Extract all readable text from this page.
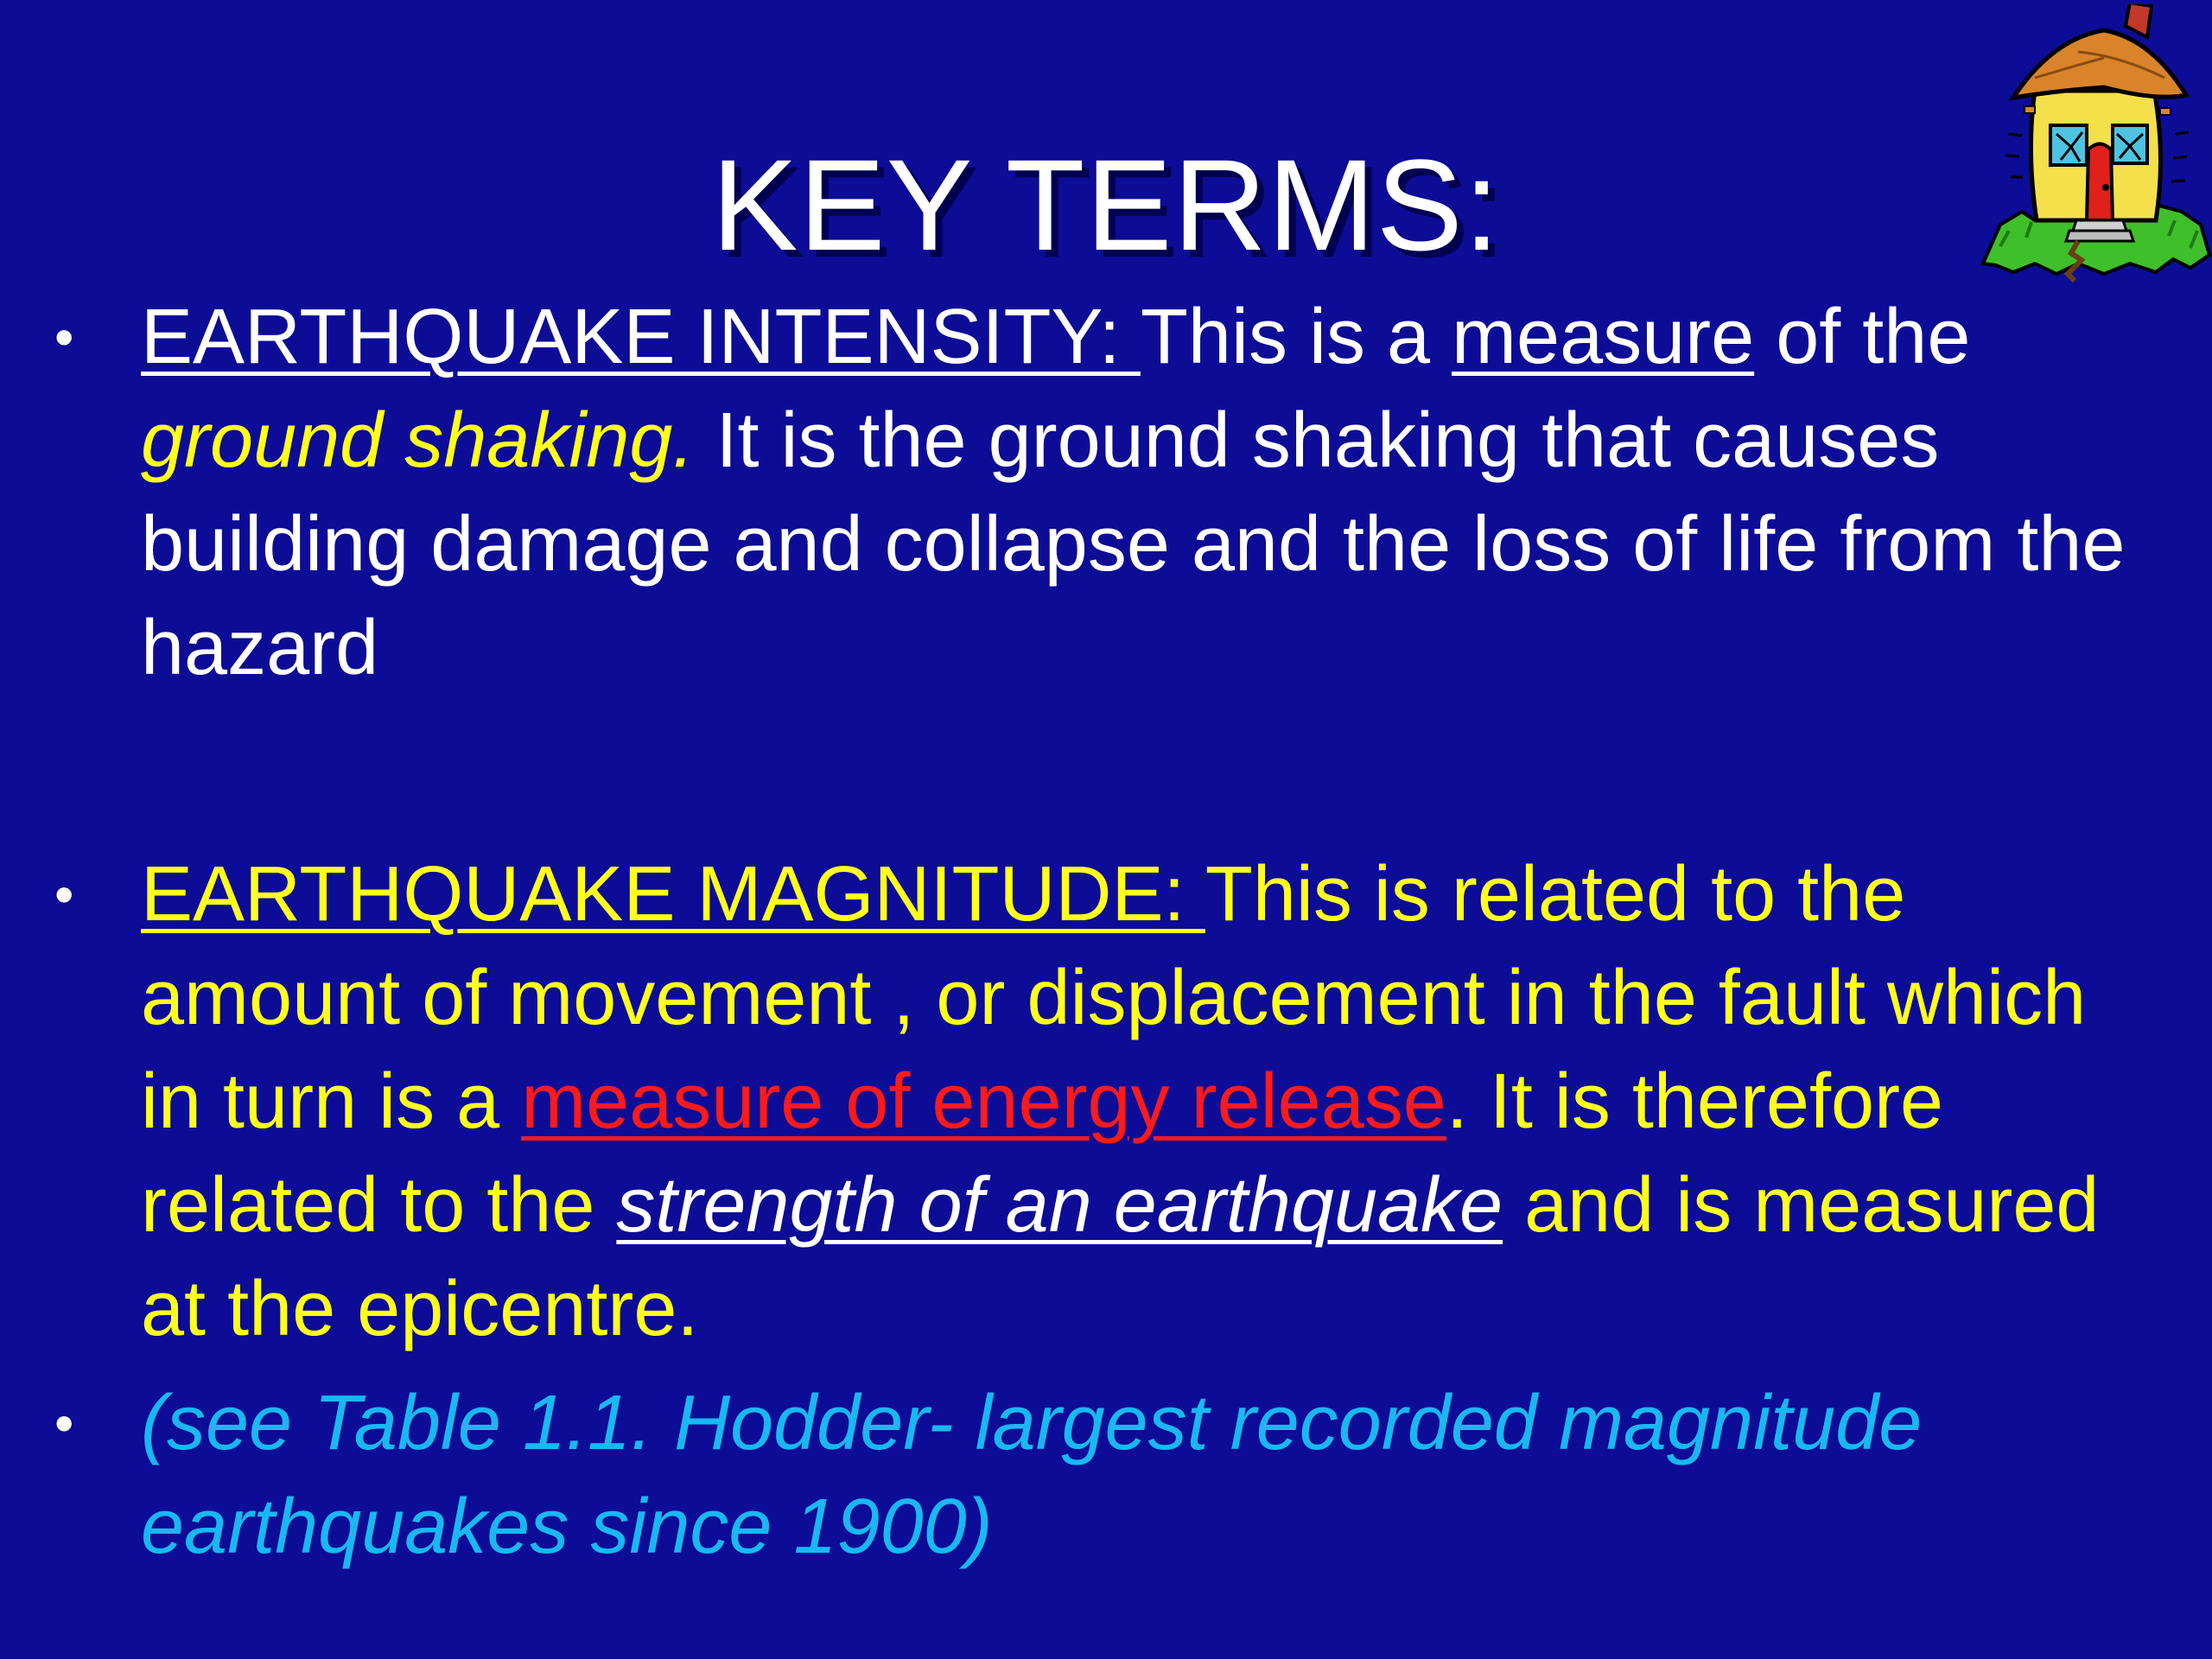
KEY TERMS:
• EARTHQUAKE INTENSITY: This is a measure of the ground shaking. It is the ground shaking that causes building damage and collapse and the loss of life from the hazard
• EARTHQUAKE MAGNITUDE: This is related to the amount of movement , or displacement in the fault which in turn is a measure of energy release. It is therefore related to the strength of an earthquake and is measured at the epicentre.
• (see Table 1.1. Hodder- largest recorded magnitude earthquakes since 1900)
